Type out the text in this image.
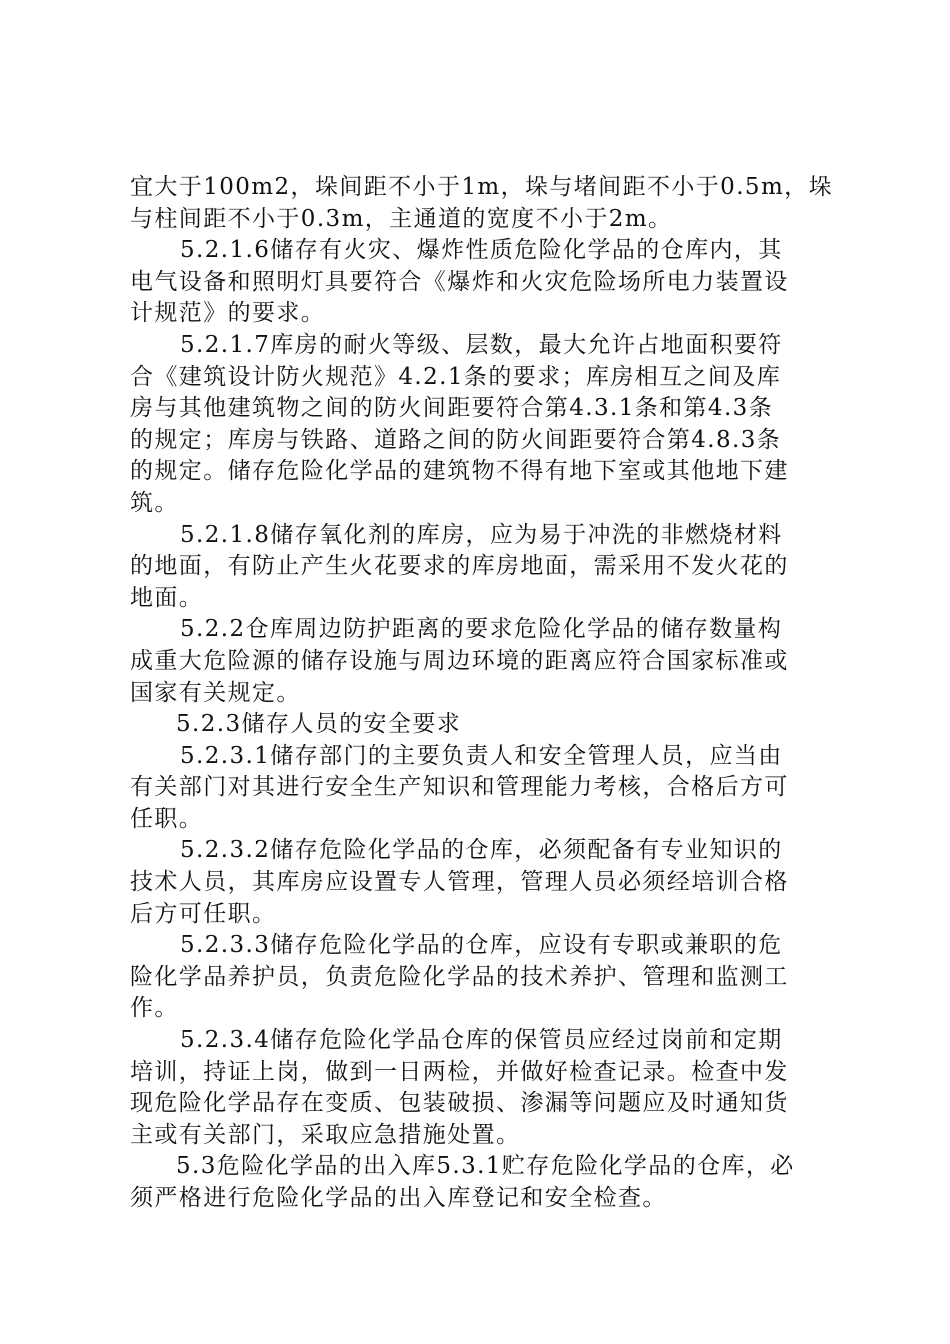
宜大于100m2，垛间距不小于1m，垛与堵间距不小于0.5m，垛
与柱间距不小于0.3m，主通道的宽度不小于2m。
5.2.1.6储存有火灾、爆炸性质危险化学品的仓库内，其
电气设备和照明灯具要符合《爆炸和火灾危险场所电力装置设
计规范》的要求。
5.2.1.7库房的耐火等级、层数，最大允许占地面积要符
合《建筑设计防火规范》4.2.1条的要求；库房相互之间及库
房与其他建筑物之间的防火间距要符合第4.3.1条和第4.3条
的规定；库房与铁路、道路之间的防火间距要符合第4.8.3条
的规定。储存危险化学品的建筑物不得有地下室或其他地下建
筑。
5.2.1.8储存氧化剂的库房，应为易于冲洗的非燃烧材料
的地面，有防止产生火花要求的库房地面，需采用不发火花的
地面。
5.2.2仓库周边防护距离的要求危险化学品的储存数量构
成重大危险源的储存设施与周边环境的距离应符合国家标准或
国家有关规定。
5.2.3储存人员的安全要求
5.2.3.1储存部门的主要负责人和安全管理人员，应当由
有关部门对其进行安全生产知识和管理能力考核，合格后方可
任职。
5.2.3.2储存危险化学品的仓库，必须配备有专业知识的
技术人员，其库房应设置专人管理，管理人员必须经培训合格
后方可任职。
5.2.3.3储存危险化学品的仓库，应设有专职或兼职的危
险化学品养护员，负责危险化学品的技术养护、管理和监测工
作。
5.2.3.4储存危险化学品仓库的保管员应经过岗前和定期
培训，持证上岗，做到一日两检，并做好检查记录。检查中发
现危险化学品存在变质、包装破损、渗漏等问题应及时通知货
主或有关部门，采取应急措施处置。
5.3危险化学品的出入库5.3.1贮存危险化学品的仓库，必
须严格进行危险化学品的出入库登记和安全检查。
